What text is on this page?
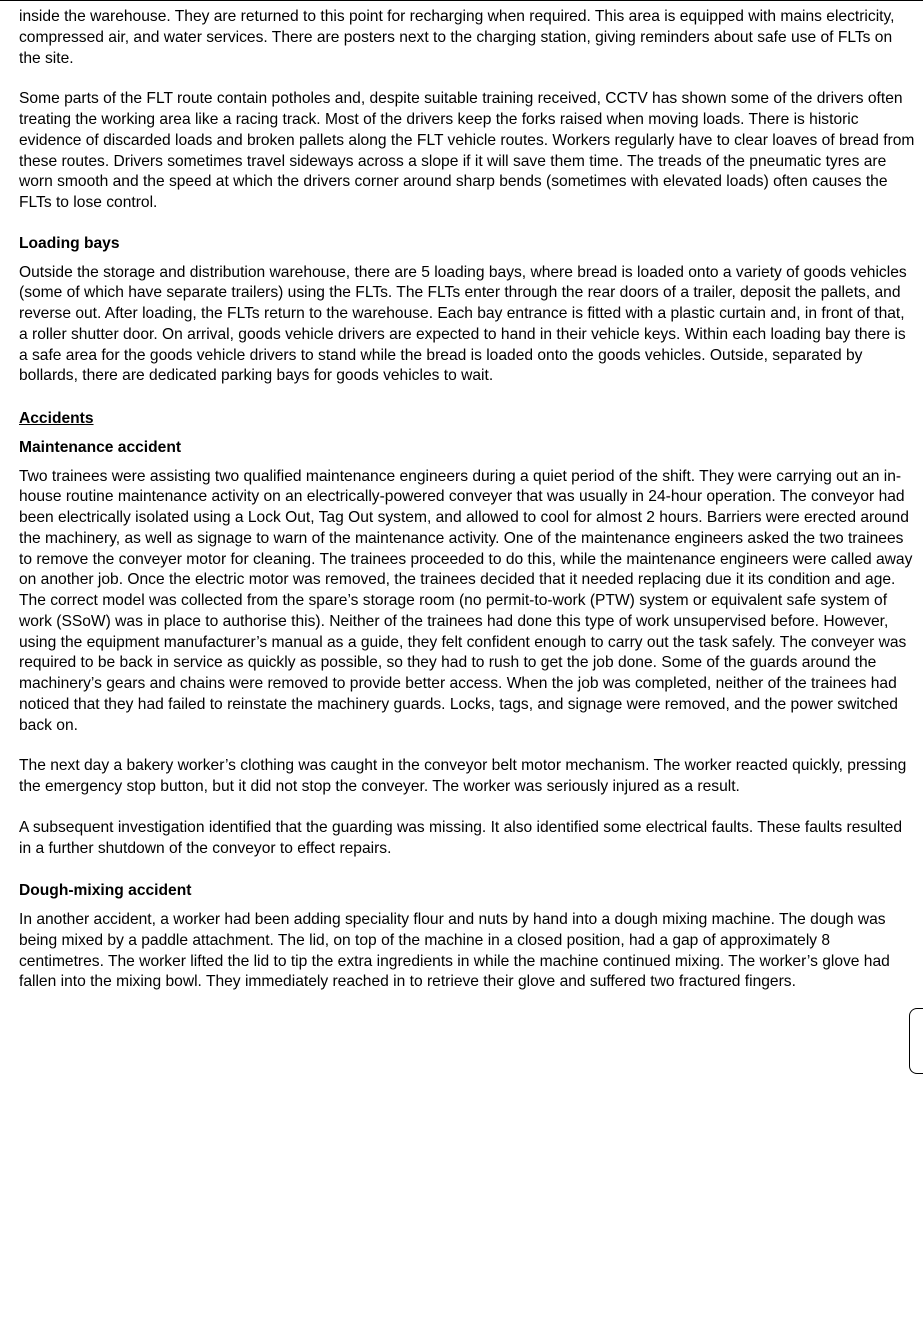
inside the warehouse. They are returned to this point for recharging when required. This area is equipped with mains electricity, compressed air, and water services. There are posters next to the charging station, giving reminders about safe use of FLTs on the site.

Some parts of the FLT route contain potholes and, despite suitable training received, CCTV has shown some of the drivers often treating the working area like a racing track. Most of the drivers keep the forks raised when moving loads. There is historic evidence of discarded loads and broken pallets along the FLT vehicle routes. Workers regularly have to clear loaves of bread from these routes. Drivers sometimes travel sideways across a slope if it will save them time. The treads of the pneumatic tyres are worn smooth and the speed at which the drivers corner around sharp bends (sometimes with elevated loads) often causes the FLTs to lose control.

Loading bays

Outside the storage and distribution warehouse, there are 5 loading bays, where bread is loaded onto a variety of goods vehicles (some of which have separate trailers) using the FLTs. The FLTs enter through the rear doors of a trailer, deposit the pallets, and reverse out. After loading, the FLTs return to the warehouse. Each bay entrance is fitted with a plastic curtain and, in front of that, a roller shutter door. On arrival, goods vehicle drivers are expected to hand in their vehicle keys. Within each loading bay there is a safe area for the goods vehicle drivers to stand while the bread is loaded onto the goods vehicles. Outside, separated by bollards, there are dedicated parking bays for goods vehicles to wait.

Accidents
Maintenance accident

Two trainees were assisting two qualified maintenance engineers during a quiet period of the shift. They were carrying out an in-house routine maintenance activity on an electrically-powered conveyer that was usually in 24-hour operation. The conveyor had been electrically isolated using a Lock Out, Tag Out system, and allowed to cool for almost 2 hours. Barriers were erected around the machinery, as well as signage to warn of the maintenance activity. One of the maintenance engineers asked the two trainees to remove the conveyer motor for cleaning. The trainees proceeded to do this, while the maintenance engineers were called away on another job. Once the electric motor was removed, the trainees decided that it needed replacing due it its condition and age. The correct model was collected from the spare’s storage room (no permit-to-work (PTW) system or equivalent safe system of work (SSoW) was in place to authorise this). Neither of the trainees had done this type of work unsupervised before. However, using the equipment manufacturer’s manual as a guide, they felt confident enough to carry out the task safely. The conveyer was required to be back in service as quickly as possible, so they had to rush to get the job done. Some of the guards around the machinery’s gears and chains were removed to provide better access. When the job was completed, neither of the trainees had noticed that they had failed to reinstate the machinery guards. Locks, tags, and signage were removed, and the power switched back on.

The next day a bakery worker’s clothing was caught in the conveyor belt motor mechanism. The worker reacted quickly, pressing the emergency stop button, but it did not stop the conveyer. The worker was seriously injured as a result.

A subsequent investigation identified that the guarding was missing. It also identified some electrical faults. These faults resulted in a further shutdown of the conveyor to effect repairs.

Dough-mixing accident

In another accident, a worker had been adding speciality flour and nuts by hand into a dough mixing machine. The dough was being mixed by a paddle attachment. The lid, on top of the machine in a closed position, had a gap of approximately 8 centimetres. The worker lifted the lid to tip the extra ingredients in while the machine continued mixing. The worker’s glove had fallen into the mixing bowl. They immediately reached in to retrieve their glove and suffered two fractured fingers.
